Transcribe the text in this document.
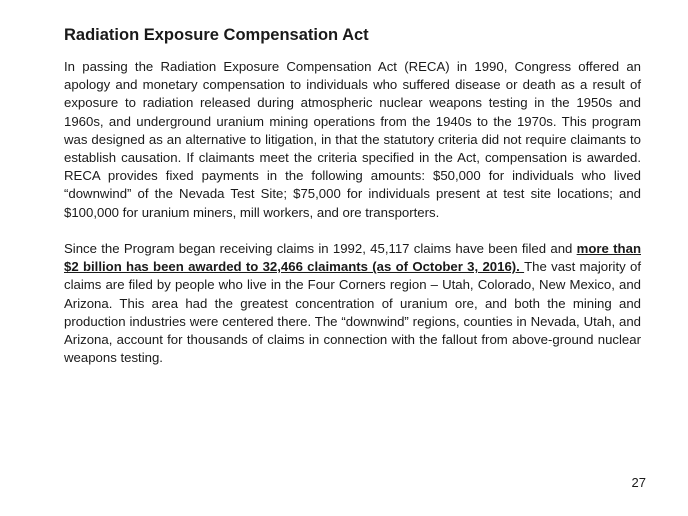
Radiation Exposure Compensation Act

In passing the Radiation Exposure Compensation Act (RECA) in 1990, Congress offered an apology and monetary compensation to individuals who suffered disease or death as a result of exposure to radiation released during atmospheric nuclear weapons testing in the 1950s and 1960s, and underground uranium mining operations from the 1940s to the 1970s. This program was designed as an alternative to litigation, in that the statutory criteria did not require claimants to establish causation. If claimants meet the criteria specified in the Act, compensation is awarded. RECA provides fixed payments in the following amounts: $50,000 for individuals who lived “downwind” of the Nevada Test Site; $75,000 for individuals present at test site locations; and $100,000 for uranium miners, mill workers, and ore transporters.

Since the Program began receiving claims in 1992, 45,117 claims have been filed and more than $2 billion has been awarded to 32,466 claimants (as of October 3, 2016). The vast majority of claims are filed by people who live in the Four Corners region – Utah, Colorado, New Mexico, and Arizona. This area had the greatest concentration of uranium ore, and both the mining and production industries were centered there. The “downwind” regions, counties in Nevada, Utah, and Arizona, account for thousands of claims in connection with the fallout from above-ground nuclear weapons testing.

27
